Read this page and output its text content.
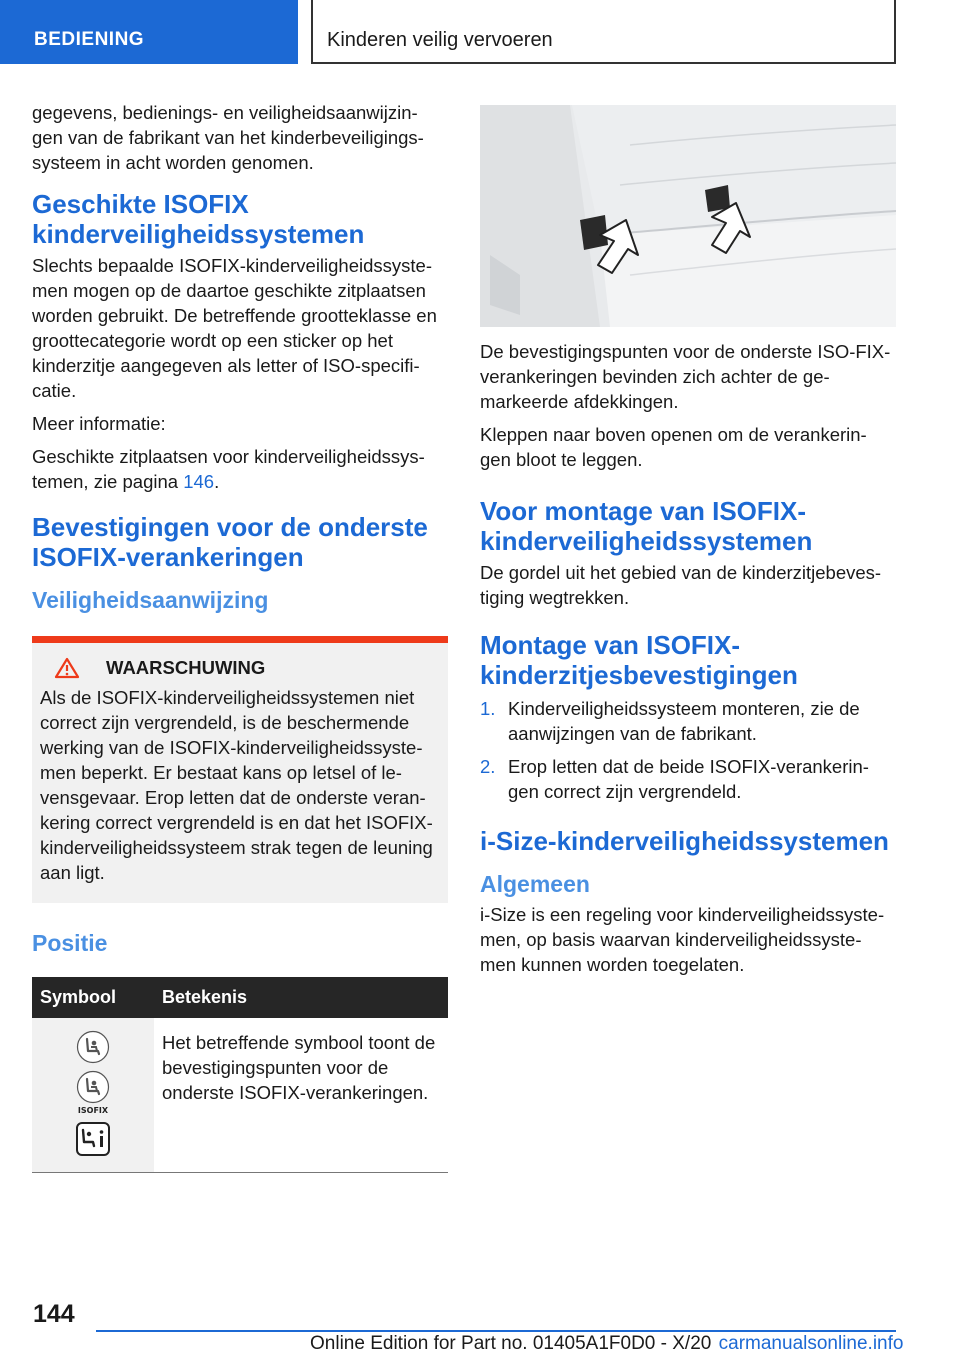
BEDIENING	Kinderen veilig vervoeren

gegevens, bedienings- en veiligheidsaanwijzin-gen van de fabrikant van het kinderbeveiligings-systeem in acht worden genomen.

Geschikte ISOFIX kinderveiligheidssystemen

Slechts bepaalde ISOFIX-kinderveiligheidssyste-men mogen op de daartoe geschikte zitplaatsen worden gebruikt. De betreffende grootteklasse en groottecategorie wordt op een sticker op het kinderzitje aangegeven als letter of ISO-specifi-catie.

Meer informatie:

Geschikte zitplaatsen voor kinderveiligheidssys-temen, zie pagina 146.

Bevestigingen voor de onderste ISOFIX-verankeringen
Veiligheidsaanwijzing
WAARSCHUWING

Als de ISOFIX-kinderveiligheidssystemen niet correct zijn vergrendeld, is de beschermende werking van de ISOFIX-kinderveiligheidssyste-men beperkt. Er bestaat kans op letsel of le-vensgevaar. Erop letten dat de onderste veran-kering correct vergrendeld is en dat het ISOFIX-kinderveiligheidssysteem strak tegen de leuning aan ligt.

Positie
Symbool	Betekenis

ISOFIX	Het betreffende symbool toont de bevestigingspunten voor de onderste ISOFIX-verankeringen.

De bevestigingspunten voor de onderste ISO-FIX-verankeringen bevinden zich achter de ge-markeerde afdekkingen.

Kleppen naar boven openen om de verankerin-gen bloot te leggen.

Voor montage van ISOFIX-kinderveiligheidssystemen

De gordel uit het gebied van de kinderzitjebeves-tiging wegtrekken.

Montage van ISOFIX-kinderzitjesbevestigingen
1. Kinderveiligheidssysteem monteren, zie de aanwijzingen van de fabrikant.
2. Erop letten dat de beide ISOFIX-verankerin-gen correct zijn vergrendeld.
i-Size-kinderveiligheidssystemen
Algemeen

i-Size is een regeling voor kinderveiligheidssyste-men, op basis waarvan kinderveiligheidssyste-men kunnen worden toegelaten.

144
Online Edition for Part no. 01405A1F0D0 - X/20 carmanualsonline.info
